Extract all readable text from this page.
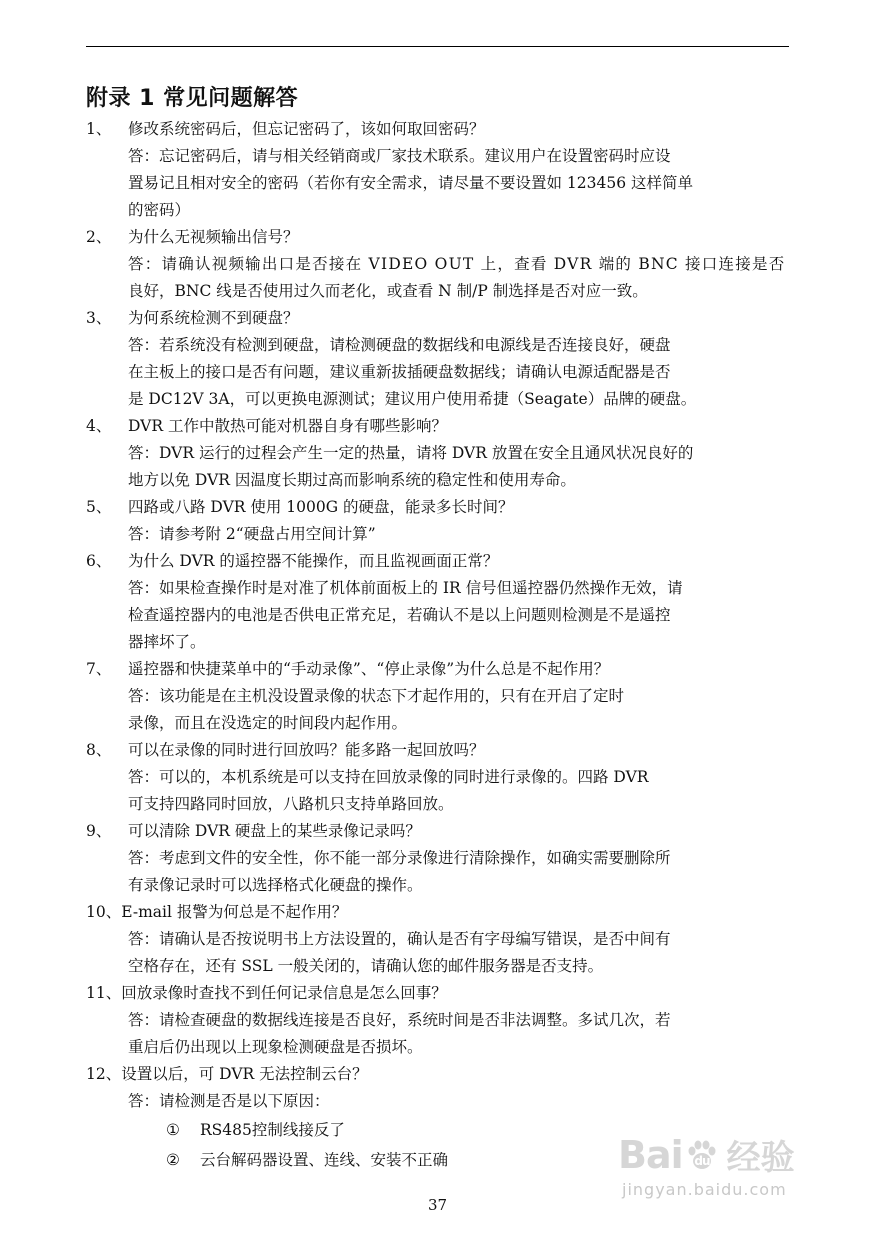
附录 1 常见问题解答
1、	修改系统密码后，但忘记密码了，该如何取回密码？
答：忘记密码后，请与相关经销商或厂家技术联系。建议用户在设置密码时应设
置易记且相对安全的密码（若你有安全需求，请尽量不要设置如 123456 这样简单
的密码）
2、	为什么无视频输出信号？
答：请确认视频输出口是否接在 VIDEO OUT 上，查看 DVR 端的 BNC 接口连接是否
良好，BNC 线是否使用过久而老化，或查看 N 制/P 制选择是否对应一致。
3、	为何系统检测不到硬盘？
答：若系统没有检测到硬盘，请检测硬盘的数据线和电源线是否连接良好，硬盘
在主板上的接口是否有问题，建议重新拔插硬盘数据线；请确认电源适配器是否
是 DC12V 3A，可以更换电源测试；建议用户使用希捷（Seagate）品牌的硬盘。
4、	DVR 工作中散热可能对机器自身有哪些影响？
答：DVR 运行的过程会产生一定的热量，请将 DVR 放置在安全且通风状况良好的
地方以免 DVR 因温度长期过高而影响系统的稳定性和使用寿命。
5、	四路或八路 DVR 使用 1000G 的硬盘，能录多长时间？
答：请参考附 2“硬盘占用空间计算”
6、	为什么 DVR 的遥控器不能操作，而且监视画面正常？
答：如果检查操作时是对准了机体前面板上的 IR 信号但遥控器仍然操作无效，请
检查遥控器内的电池是否供电正常充足，若确认不是以上问题则检测是不是遥控
器摔坏了。
7、	遥控器和快捷菜单中的“手动录像”、“停止录像”为什么总是不起作用？
答：该功能是在主机没设置录像的状态下才起作用的，只有在开启了定时
录像，而且在没选定的时间段内起作用。
8、	可以在录像的同时进行回放吗？能多路一起回放吗？
答：可以的，本机系统是可以支持在回放录像的同时进行录像的。四路 DVR
可支持四路同时回放，八路机只支持单路回放。
9、	可以清除 DVR 硬盘上的某些录像记录吗？
答：考虑到文件的安全性，你不能一部分录像进行清除操作，如确实需要删除所
有录像记录时可以选择格式化硬盘的操作。
10、 E-mail 报警为何总是不起作用？
答：请确认是否按说明书上方法设置的，确认是否有字母编写错误，是否中间有
空格存在，还有 SSL 一般关闭的，请确认您的邮件服务器是否支持。
11、 回放录像时查找不到任何记录信息是怎么回事？
答：请检查硬盘的数据线连接是否良好，系统时间是否非法调整。多试几次，若
重启后仍出现以上现象检测硬盘是否损坏。
12、 设置以后，可 DVR 无法控制云台？
答：请检测是否是以下原因：
①	RS485控制线接反了
②	云台解码器设置、连线、安装不正确
37
Bai du 经验
jingyan.baidu.com
